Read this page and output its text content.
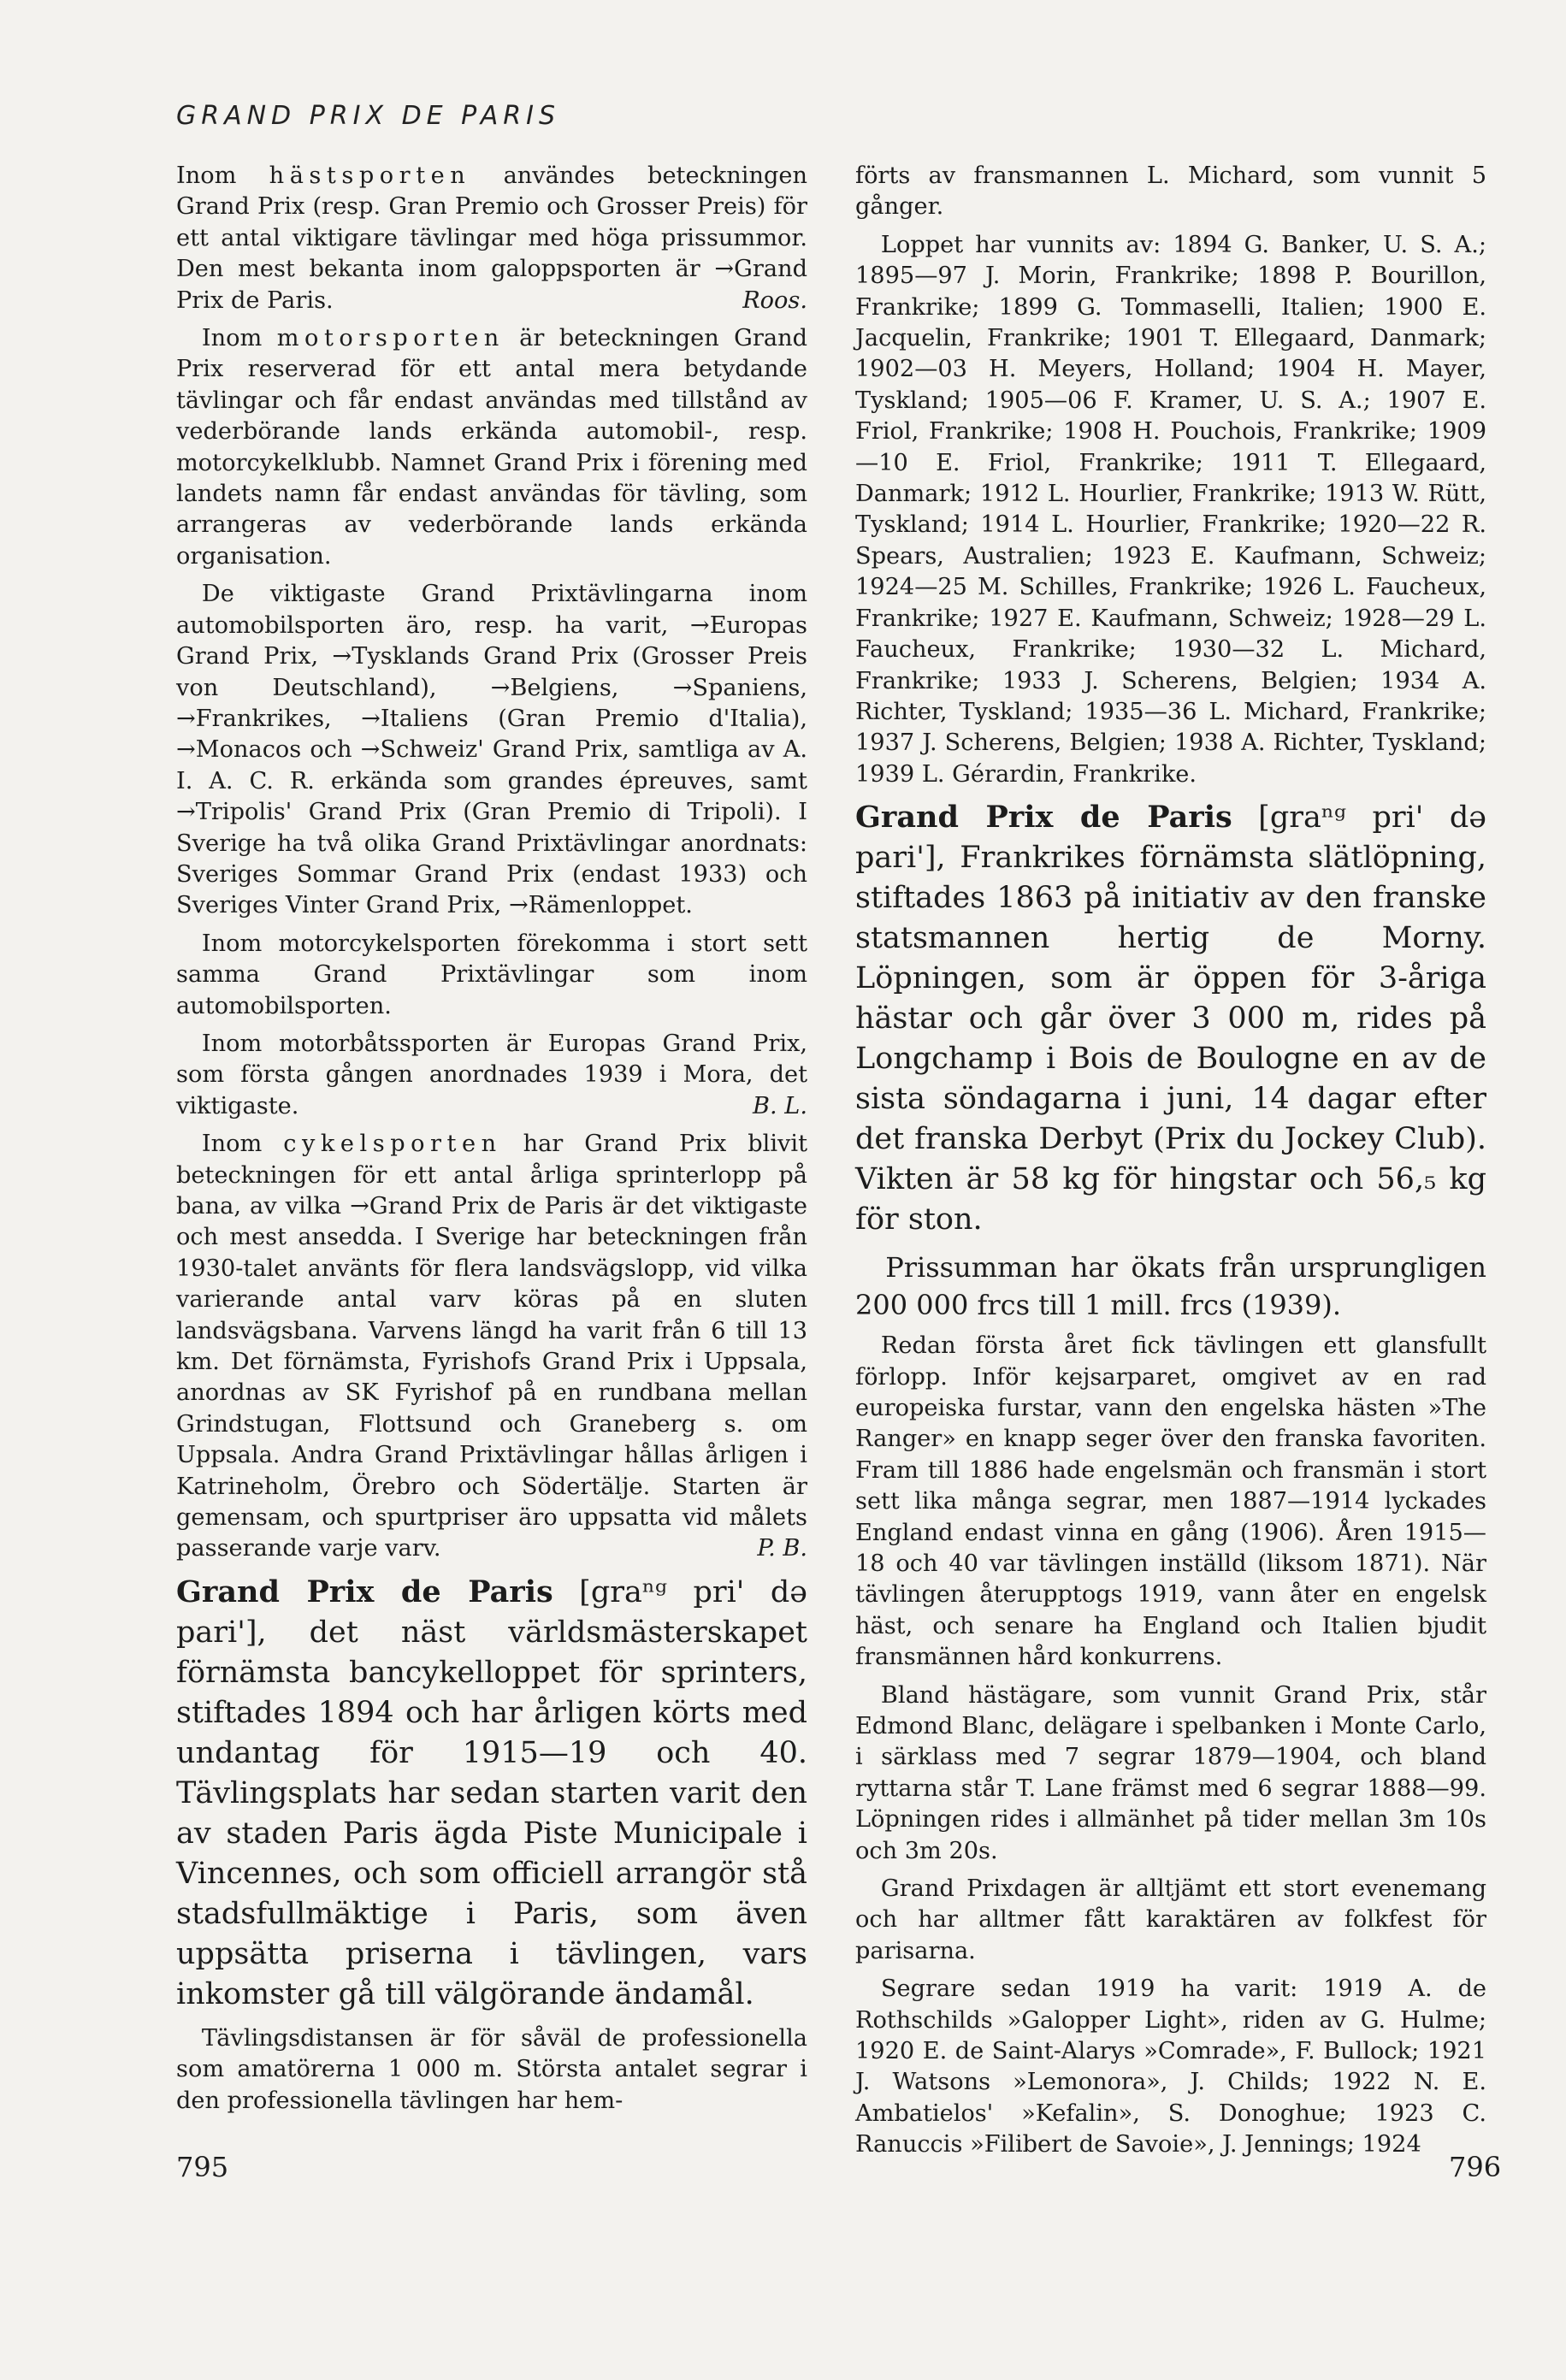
GRAND PRIX DE PARIS

Inom hästsporten användes beteckningen Grand Prix (resp. Gran Premio och Grosser Preis) för ett antal viktigare tävlingar med höga prissummor. Den mest bekanta inom galoppsporten är →Grand Prix de Paris.	Roos.

Inom motorsporten är beteckningen Grand Prix reserverad för ett antal mera betydande tävlingar och får endast användas med tillstånd av vederbörande lands erkända automobil-, resp. motorcykelklubb. Namnet Grand Prix i förening med landets namn får endast användas för tävling, som arrangeras av vederbörande lands erkända organisation.

De viktigaste Grand Prixtävlingarna inom automobilsporten äro, resp. ha varit, →Europas Grand Prix, →Tysklands Grand Prix (Grosser Preis von Deutschland), →Belgiens, →Spaniens, →Frankrikes, →Italiens (Gran Premio d'Italia), →Monacos och →Schweiz' Grand Prix, samtliga av A. I. A. C. R. erkända som grandes épreuves, samt →Tripolis' Grand Prix (Gran Premio di Tripoli). I Sverige ha två olika Grand Prixtävlingar anordnats: Sveriges Sommar Grand Prix (endast 1933) och Sveriges Vinter Grand Prix, →Rämenloppet.

Inom motorcykelsporten förekomma i stort sett samma Grand Prixtävlingar som inom automobilsporten.

Inom motorbåtssporten är Europas Grand Prix, som första gången anordnades 1939 i Mora, det viktigaste.	B. L.

Inom cykelsporten har Grand Prix blivit beteckningen för ett antal årliga sprinterlopp på bana, av vilka →Grand Prix de Paris är det viktigaste och mest ansedda. I Sverige har beteckningen från 1930-talet använts för flera landsvägslopp, vid vilka varierande antal varv köras på en sluten landsvägsbana. Varvens längd ha varit från 6 till 13 km. Det förnämsta, Fyrishofs Grand Prix i Uppsala, anordnas av SK Fyrishof på en rundbana mellan Grindstugan, Flottsund och Graneberg s. om Uppsala. Andra Grand Prixtävlingar hållas årligen i Katrineholm, Örebro och Södertälje. Starten är gemensam, och spurtpriser äro uppsatta vid målets passerande varje varv.	P. B.

Grand Prix de Paris [graⁿᵍ pri' də pari'], det näst världsmästerskapet förnämsta bancykelloppet för sprinters, stiftades 1894 och har årligen körts med undantag för 1915—19 och 40. Tävlingsplats har sedan starten varit den av staden Paris ägda Piste Municipale i Vincennes, och som officiell arrangör stå stadsfullmäktige i Paris, som även uppsätta priserna i tävlingen, vars inkomster gå till välgörande ändamål.

Tävlingsdistansen är för såväl de professionella som amatörerna 1 000 m. Största antalet segrar i den professionella tävlingen har hem-

förts av fransmannen L. Michard, som vunnit 5 gånger.

Loppet har vunnits av: 1894 G. Banker, U. S. A.; 1895—97 J. Morin, Frankrike; 1898 P. Bourillon, Frankrike; 1899 G. Tommaselli, Italien; 1900 E. Jacquelin, Frankrike; 1901 T. Ellegaard, Danmark; 1902—03 H. Meyers, Holland; 1904 H. Mayer, Tyskland; 1905—06 F. Kramer, U. S. A.; 1907 E. Friol, Frankrike; 1908 H. Pouchois, Frankrike; 1909—10 E. Friol, Frankrike; 1911 T. Ellegaard, Danmark; 1912 L. Hourlier, Frankrike; 1913 W. Rütt, Tyskland; 1914 L. Hourlier, Frankrike; 1920—22 R. Spears, Australien; 1923 E. Kaufmann, Schweiz; 1924—25 M. Schilles, Frankrike; 1926 L. Faucheux, Frankrike; 1927 E. Kaufmann, Schweiz; 1928—29 L. Faucheux, Frankrike; 1930—32 L. Michard, Frankrike; 1933 J. Scherens, Belgien; 1934 A. Richter, Tyskland; 1935—36 L. Michard, Frankrike; 1937 J. Scherens, Belgien; 1938 A. Richter, Tyskland; 1939 L. Gérardin, Frankrike.

Grand Prix de Paris [graⁿᵍ pri' də pari'], Frankrikes förnämsta slätlöpning, stiftades 1863 på initiativ av den franske statsmannen hertig de Morny. Löpningen, som är öppen för 3-åriga hästar och går över 3 000 m, rides på Longchamp i Bois de Boulogne en av de sista söndagarna i juni, 14 dagar efter det franska Derbyt (Prix du Jockey Club). Vikten är 58 kg för hingstar och 56,₅ kg för ston.

Prissumman har ökats från ursprungligen 200 000 frcs till 1 mill. frcs (1939).

Redan första året fick tävlingen ett glansfullt förlopp. Inför kejsarparet, omgivet av en rad europeiska furstar, vann den engelska hästen »The Ranger» en knapp seger över den franska favoriten. Fram till 1886 hade engelsmän och fransmän i stort sett lika många segrar, men 1887—1914 lyckades England endast vinna en gång (1906). Åren 1915—18 och 40 var tävlingen inställd (liksom 1871). När tävlingen återupptogs 1919, vann åter en engelsk häst, och senare ha England och Italien bjudit fransmännen hård konkurrens.

Bland hästägare, som vunnit Grand Prix, står Edmond Blanc, delägare i spelbanken i Monte Carlo, i särklass med 7 segrar 1879—1904, och bland ryttarna står T. Lane främst med 6 segrar 1888—99. Löpningen rides i allmänhet på tider mellan 3m 10s och 3m 20s.

Grand Prixdagen är alltjämt ett stort evenemang och har alltmer fått karaktären av folkfest för parisarna.

Segrare sedan 1919 ha varit: 1919 A. de Rothschilds »Galopper Light», riden av G. Hulme; 1920 E. de Saint-Alarys »Comrade», F. Bullock; 1921 J. Watsons »Lemonora», J. Childs; 1922 N. E. Ambatielos' »Kefalin», S. Donoghue; 1923 C. Ranuccis »Filibert de Savoie», J. Jennings; 1924

795	796
